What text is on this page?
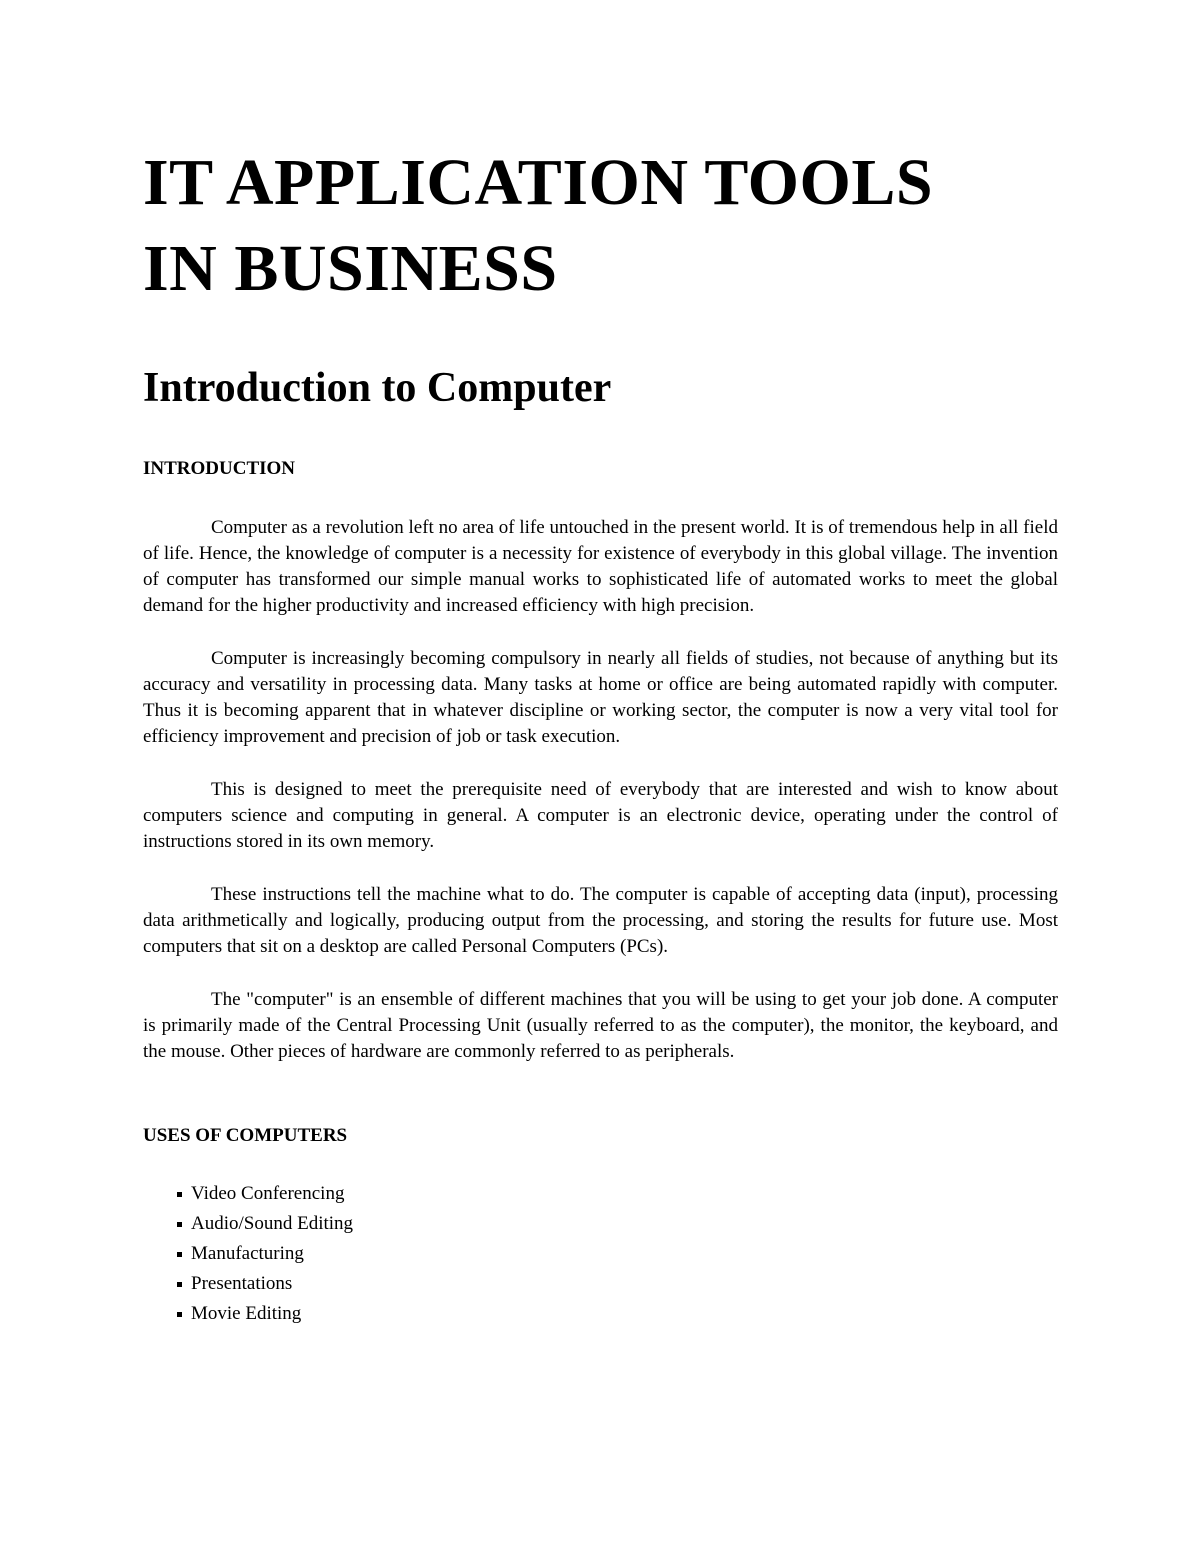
IT APPLICATION TOOLS
IN BUSINESS
Introduction to Computer
INTRODUCTION

Computer as a revolution left no area of life untouched in the present world. It is of tremendous help in all field of life. Hence, the knowledge of computer is a necessity for existence of everybody in this global village. The invention of computer has transformed our simple manual works to sophisticated life of automated works to meet the global demand for the higher productivity and increased efficiency with high precision.

Computer is increasingly becoming compulsory in nearly all fields of studies, not because of anything but its accuracy and versatility in processing data. Many tasks at home or office are being automated rapidly with computer. Thus it is becoming apparent that in whatever discipline or working sector, the computer is now a very vital tool for efficiency improvement and precision of job or task execution.

This is designed to meet the prerequisite need of everybody that are interested and wish to know about computers science and computing in general. A computer is an electronic device, operating under the control of instructions stored in its own memory.

These instructions tell the machine what to do. The computer is capable of accepting data (input), processing data arithmetically and logically, producing output from the processing, and storing the results for future use. Most computers that sit on a desktop are called Personal Computers (PCs).

The "computer" is an ensemble of different machines that you will be using to get your job done. A computer is primarily made of the Central Processing Unit (usually referred to as the computer), the monitor, the keyboard, and the mouse. Other pieces of hardware are commonly referred to as peripherals.

USES OF COMPUTERS
Video Conferencing
Audio/Sound Editing
Manufacturing
Presentations
Movie Editing
